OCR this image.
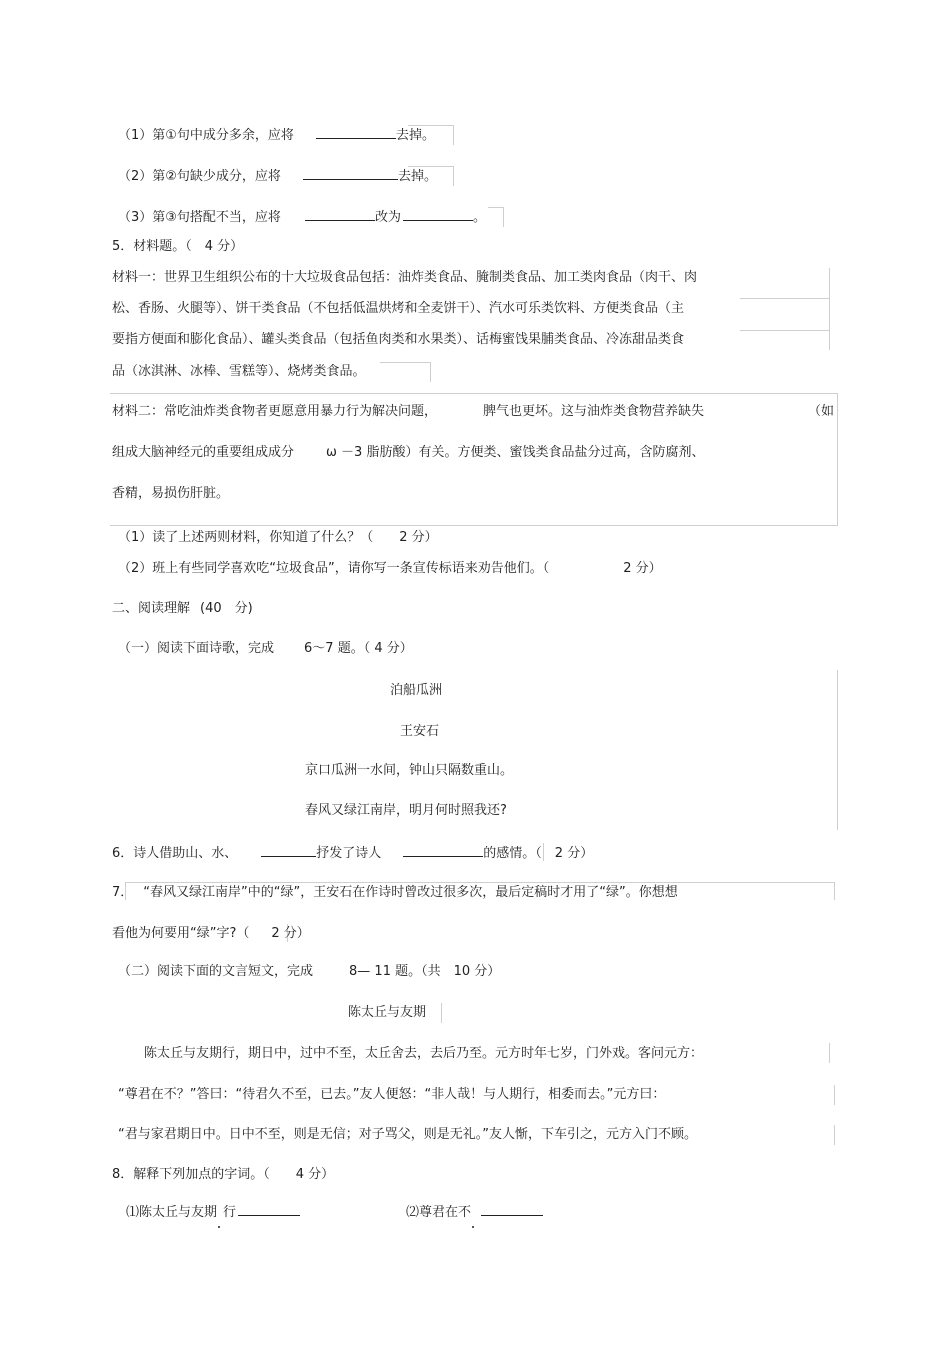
（1）第①句中成分多余，应将	去掉。
（2）第②句缺少成分，应将	去掉。
（3）第③句搭配不当，应将	改为	。
5．材料题。（　4 分）
材料一：世界卫生组织公布的十大垃圾食品包括：油炸类食品、腌制类食品、加工类肉食品（肉干、肉
松、香肠、火腿等）、饼干类食品（不包括低温烘烤和全麦饼干）、汽水可乐类饮料、方便类食品（主
要指方便面和膨化食品）、罐头类食品（包括鱼肉类和水果类）、话梅蜜饯果脯类食品、冷冻甜品类食
品（冰淇淋、冰棒、雪糕等）、烧烤类食品。
材料二：常吃油炸类食物者更愿意用暴力行为解决问题，	脾气也更坏。这与油炸类食物营养缺失	（如
组成大脑神经元的重要组成成分 ω －3 脂肪酸）有关。方便类、蜜饯类食品盐分过高，含防腐剂、
香精，易损伤肝脏。
（1）读了上述两则材料，你知道了什么？（　　2 分）
（2）班上有些同学喜欢吃“垃圾食品”，请你写一条宣传标语来劝告他们。（	2 分）
二、阅读理解 (40　分)
（一）阅读下面诗歌，完成 6～7 题。（ 4 分）
泊船瓜洲
王安石
京口瓜洲一水间，钟山只隔数重山。
春风又绿江南岸，明月何时照我还?
6．诗人借助山、水、	抒发了诗人	的感情。（　2 分）
7． “春风又绿江南岸”中的“绿”，王安石在作诗时曾改过很多次，最后定稿时才用了“绿”。你想想
看他为何要用“绿”字?（ 2 分）
（二）阅读下面的文言短文，完成	8— 11 题。（共　10 分）
陈太丘与友期
陈太丘与友期行，期日中，过中不至，太丘舍去，去后乃至。元方时年七岁，门外戏。客问元方：
“尊君在不？”答曰：“待君久不至，已去。”友人便怒：“非人哉！与人期行，相委而去。”元方曰：
“君与家君期日中。日中不至，则是无信；对子骂父，则是无礼。”友人惭，下车引之，元方入门不顾。
8．解释下列加点的字词。（　　4 分）
⑴陈太丘与友期 行	⑵尊君在不
